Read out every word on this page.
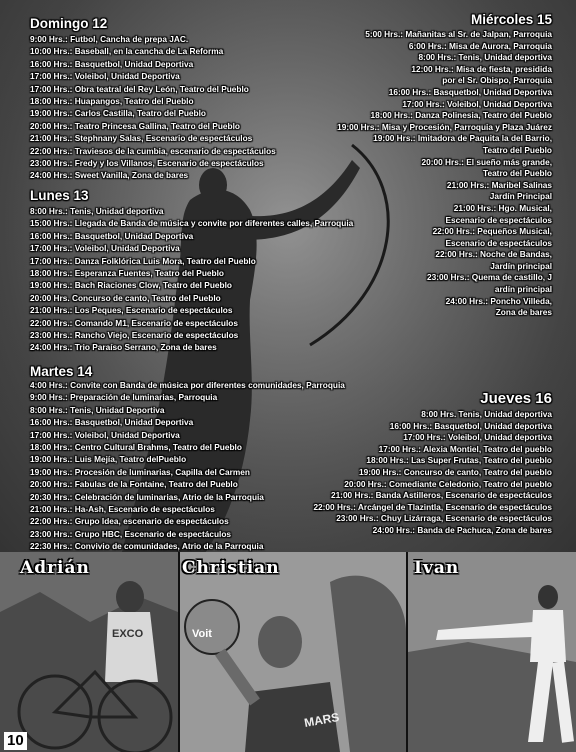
Domingo 12
9:00 Hrs.: Futbol, Cancha de prepa JAC.
10:00 Hrs.: Baseball, en la cancha de La Reforma
16:00 Hrs.: Basquetbol, Unidad Deportiva
17:00 Hrs.: Voleibol, Unidad Deportiva
17:00 Hrs.: Obra teatral del Rey León, Teatro del Pueblo
18:00 Hrs.: Huapangos, Teatro del Pueblo
19:00 Hrs.: Carlos Castilla, Teatro del Pueblo
20:00 Hrs.: Teatro Princesa Gallina, Teatro del Pueblo
21:00 Hrs.: Stephnany Salas, Escenario de espectáculos
22:00 Hrs.: Traviesos de la cumbia, escenario de espectáculos
23:00 Hrs.: Fredy y los Villanos, Escenario de espectáculos
24:00 Hrs.: Sweet Vanilla, Zona de bares
Lunes 13
8:00 Hrs.: Tenis, Unidad deportiva
15:00 Hrs.: Llegada de Banda de música y convite por diferentes calles, Parroquia
16:00 Hrs.: Basquetbol, Unidad Deportiva
17:00 Hrs.: Voleibol, Unidad Deportiva
17:00 Hrs.: Danza Folklórica Luis Mora, Teatro del Pueblo
18:00 Hrs.: Esperanza Fuentes, Teatro del Pueblo
19:00 Hrs.: Bach Riaciones Clow, Teatro del Pueblo
20:00 Hrs. Concurso de canto, Teatro del Pueblo
21:00 Hrs.: Los Peques, Escenario de espectáculos
22:00 Hrs.: Comando M1, Escenario de espectáculos
23:00 Hrs.: Rancho Viejo, Escenario de espectáculos
24:00 Hrs.: Trio Paraíso Serrano, Zona de bares
Martes 14
4:00 Hrs.: Convite con Banda de música por diferentes comunidades, Parroquia
9:00 Hrs.: Preparación de luminarias, Parroquia
8:00 Hrs.: Tenis, Unidad Deportiva
16:00 Hrs.: Basquetbol, Unidad Deportiva
17:00 Hrs.: Voleibol, Unidad Deportiva
18:00 Hrs.: Centro Cultural Brahms, Teatro del Pueblo
19:00 Hrs.: Luis Mejía, Teatro delPueblo
19:00 Hrs.: Procesión de luminarias, Capilla del Carmen
20:00 Hrs.: Fabulas de la Fontaine, Teatro del Pueblo
20:30 Hrs.: Celebración de luminarias, Atrio de la Parroquia
21:00 Hrs.: Ha-Ash, Escenario de espectáculos
22:00 Hrs.: Grupo Idea, escenario de espectáculos
23:00 Hrs.: Grupo HBC, Escenario de espectáculos
22:30 Hrs.: Convivio de comunidades, Atrio de la Parroquia
Miércoles 15
5:00 Hrs.: Mañanitas al Sr. de Jalpan, Parroquia
6:00 Hrs.: Misa de Aurora, Parroquia
8:00 Hrs.: Tenis, Unidad deportiva
12:00 Hrs.: Misa de fiesta, presidida
por el Sr. Obispo, Parroquia
16:00 Hrs.: Basquetbol, Unidad Deportiva
17:00 Hrs.: Voleibol, Unidad Deportiva
18:00 Hrs.: Danza Polinesia, Teatro del Pueblo
19:00 Hrs.: Misa y Procesión, Parroquia y Plaza Juárez
19:00 Hrs.: Imitadora de Paquita la del Barrio,
Teatro del Pueblo
20:00 Hrs.: El sueño más grande,
Teatro del Pueblo
21:00 Hrs.: Maribel Salinas
Jardín Principal
21:00 Hrs.: Hgo. Musical,
Escenario de espectáculos
22:00 Hrs.: Pequeños Musical,
Escenario de espectáculos
22:00 Hrs.: Noche de Bandas,
Jardín principal
23:00 Hrs.: Quema de castillo, J
ardín principal
24:00 Hrs.: Poncho Villeda,
Zona de bares
Jueves 16
8:00 Hrs. Tenis, Unidad deportiva
16:00 Hrs.: Basquetbol, Unidad deportiva
17:00 Hrs.: Voleibol, Unidad deportiva
17:00 Hrs.: Alexia Montiel, Teatro del pueblo
18:00 Hrs.: Las Super Frutas, Teatro del pueblo
19:00 Hrs.: Concurso de canto, Teatro del pueblo
20:00 Hrs.: Comediante Celedonio, Teatro del pueblo
21:00 Hrs.: Banda Astilleros, Escenario de espectáculos
22:00 Hrs.: Arcángel de Tlazintla, Escenario de espectáculos
23:00 Hrs.: Chuy Lizárraga, Escenario de espectáculos
24:00 Hrs.: Banda de Pachuca, Zona de bares
EXCO
Adrián
Voit
MARS
Christian	Ivan
10
